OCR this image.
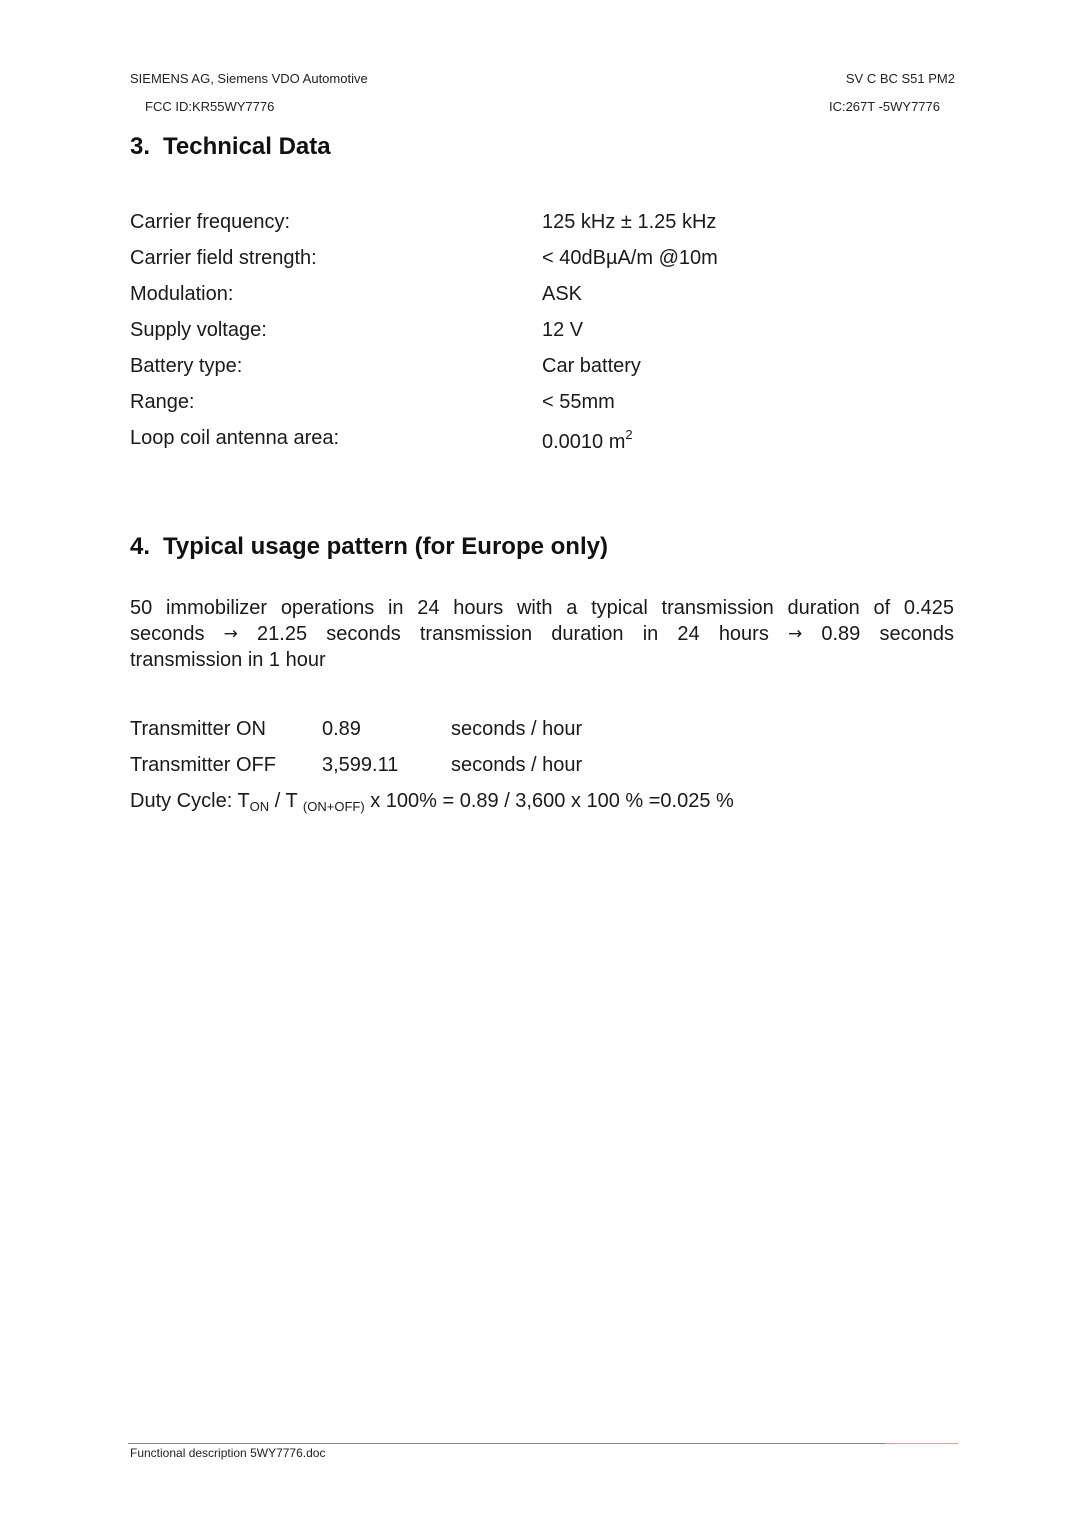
SIEMENS AG, Siemens VDO Automotive
FCC ID:KR55WY7776
SV C BC S51 PM2
IC:267T -5WY7776
3. Technical Data
Carrier frequency:	125 kHz ± 1.25 kHz
Carrier field strength:	< 40dBµA/m @10m
Modulation:	ASK
Supply voltage:	12 V
Battery type:	Car battery
Range:	< 55mm
Loop coil antenna area:	0.0010 $m^2$
4. Typical usage pattern (for Europe only)
50 immobilizer operations in 24 hours with a typical transmission duration of 0.425
seconds → 21.25 seconds transmission duration in 24 hours → 0.89 seconds
transmission in 1 hour
Transmitter ON	0.89	seconds / hour
Transmitter OFF 3,599.11	seconds / hour
Duty Cycle: $T_{ON}$ / T $_{(ON+OFF)}$ x 100% = 0.89 / 3,600 x 100 % =0.025 %
Functional description 5WY7776.doc
